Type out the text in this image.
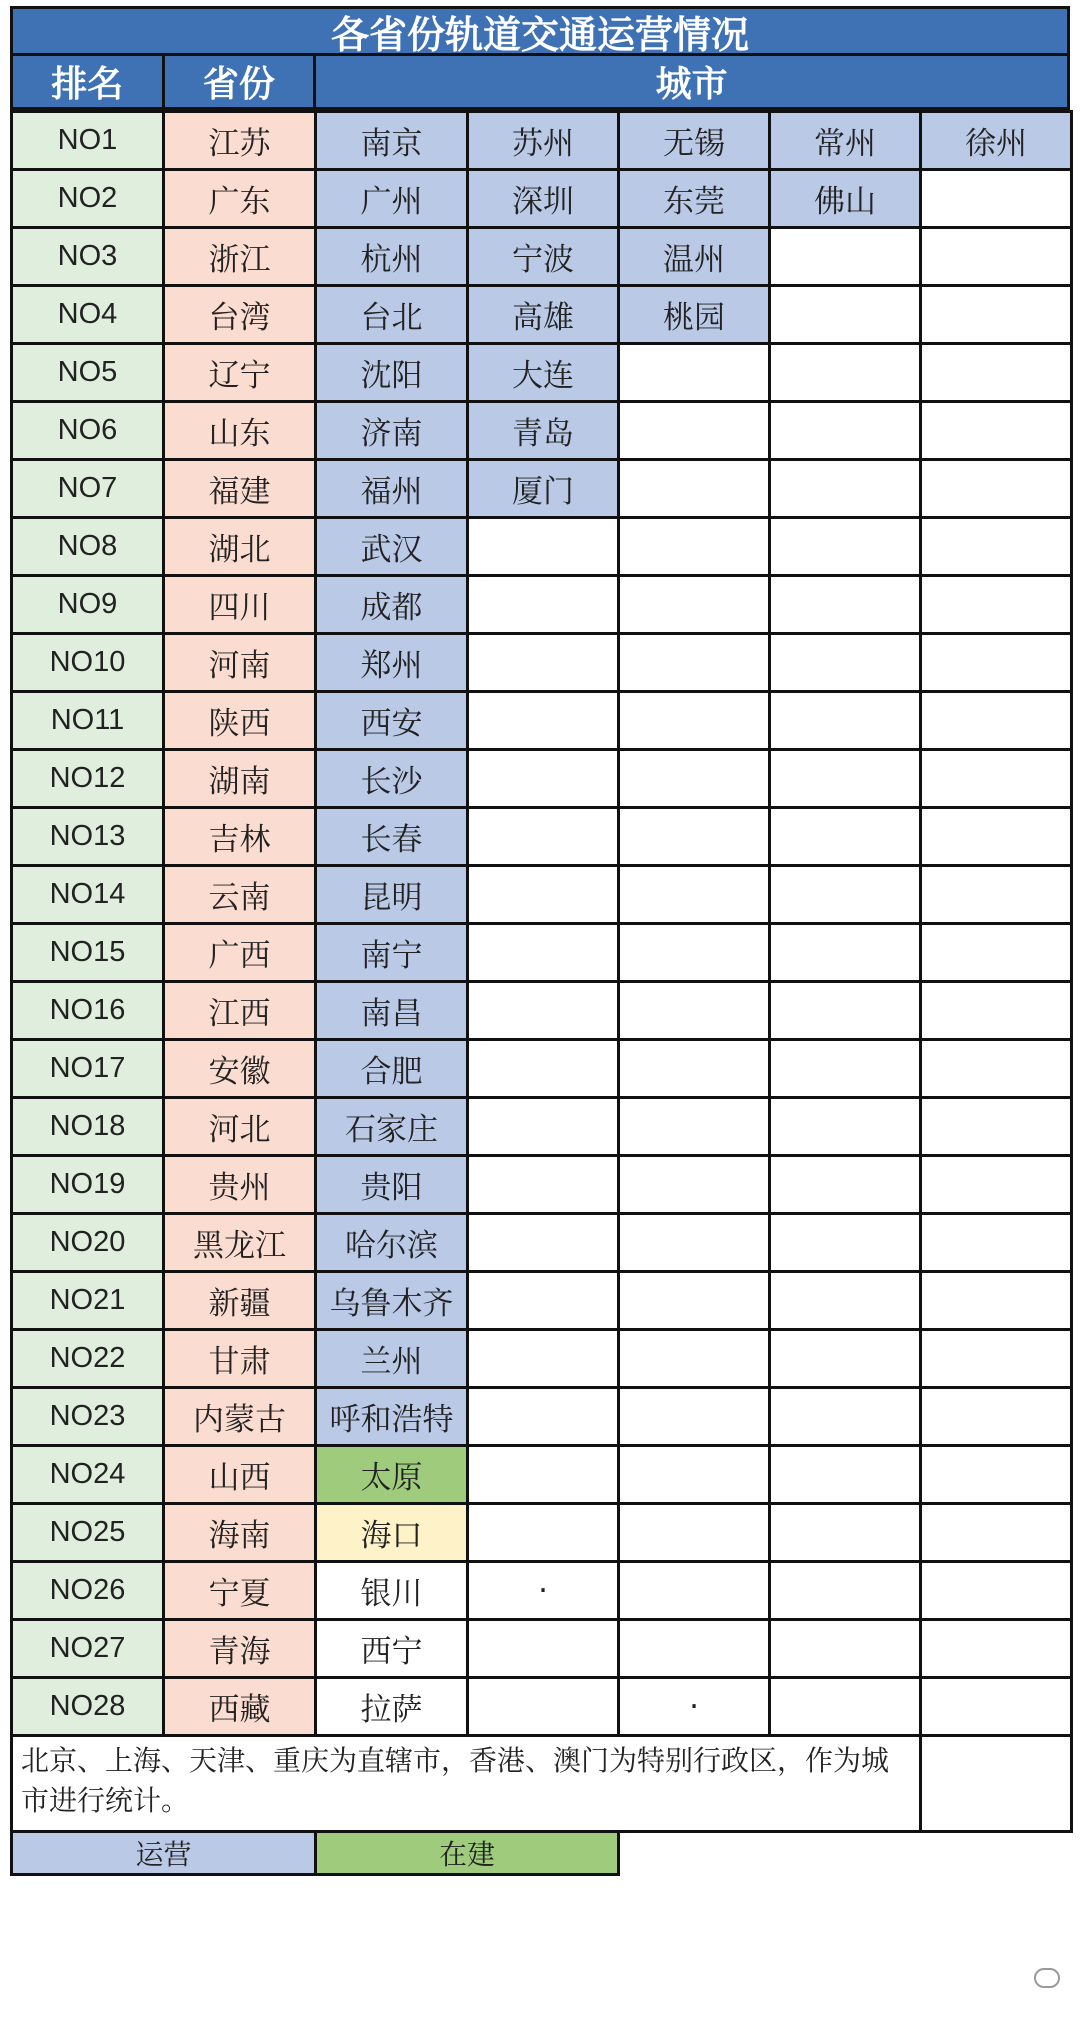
各省份轨道交通运营情况
排名	省份	城市
NO1	江苏	南京	苏州	无锡	常州	徐州
NO2	广东	广州	深圳	东莞	佛山	
NO3	浙江	杭州	宁波	温州		
NO4	台湾	台北	高雄	桃园		
NO5	辽宁	沈阳	大连			
NO6	山东	济南	青岛			
NO7	福建	福州	厦门			
NO8	湖北	武汉				
NO9	四川	成都				
NO10	河南	郑州				
NO11	陕西	西安				
NO12	湖南	长沙				
NO13	吉林	长春				
NO14	云南	昆明				
NO15	广西	南宁				
NO16	江西	南昌				
NO17	安徽	合肥				
NO18	河北	石家庄				
NO19	贵州	贵阳				
NO20	黑龙江	哈尔滨				
NO21	新疆	乌鲁木齐				
NO22	甘肃	兰州				
NO23	内蒙古	呼和浩特				
NO24	山西	太原				
NO25	海南	海口				
NO26	宁夏	银川	·			
NO27	青海	西宁				
NO28	西藏	拉萨		·		
北京、上海、天津、重庆为直辖市，香港、澳门为特别行政区，作为城市进行统计。						
运营		在建				
